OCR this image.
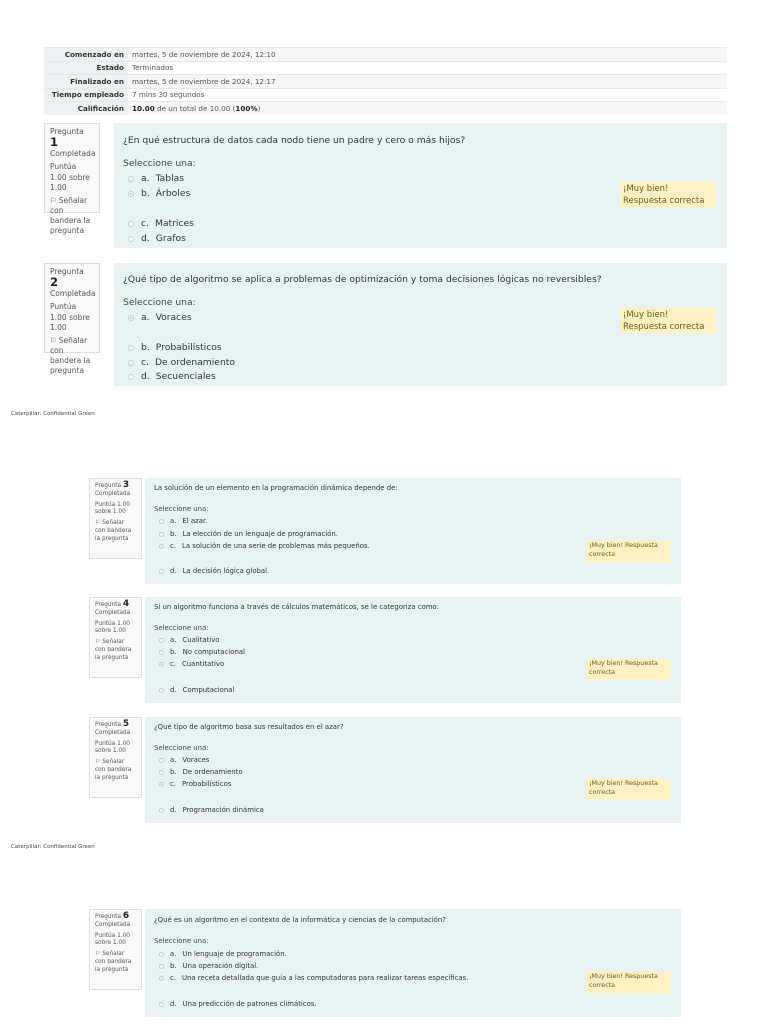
Comenzado en	martes, 5 de noviembre de 2024, 12:10
Estado	Terminados
Finalizado en	martes, 5 de noviembre de 2024, 12:17
Tiempo empleado	7 mins 30 segundos
Calificación	10.00 de un total de 10.00 (100%)
Pregunta 1
Completada
Puntúa 1.00 sobre 1.00
⚐ Señalar con bandera la pregunta
¿En qué estructura de datos cada nodo tiene un padre y cero o más hijos?
Seleccione una:
a. Tablas
b. Árboles
c. Matrices
d. Grafos
¡Muy bien! Respuesta correcta
Pregunta 2
Completada
Puntúa 1.00 sobre 1.00
⚐ Señalar con bandera la pregunta
¿Qué tipo de algoritmo se aplica a problemas de optimización y toma decisiones lógicas no reversibles?
Seleccione una:
a. Voraces
b. Probabilísticos
c. De ordenamiento
d. Secuenciales
¡Muy bien! Respuesta correcta
Pregunta 3
Completada
Puntúa 1.00 sobre 1.00
⚐ Señalar con bandera la pregunta
La solución de un elemento en la programación dinámica depende de:
Seleccione una:
a. El azar.
b. La elección de un lenguaje de programación.
c. La solución de una serie de problemas más pequeños.
d. La decisión lógica global.
¡Muy bien! Respuesta correcta
Pregunta 4
Completada
Puntúa 1.00 sobre 1.00
⚐ Señalar con bandera la pregunta
Si un algoritmo funciona a través de cálculos matemáticos, se le categoriza como:
Seleccione una:
a. Cualitativo
b. No computacional
c. Cuantitativo
d. Computacional
¡Muy bien! Respuesta correcta
Pregunta 5
Completada
Puntúa 1.00 sobre 1.00
⚐ Señalar con bandera la pregunta
¿Qué tipo de algoritmo basa sus resultados en el azar?
Seleccione una:
a. Voraces
b. De ordenamiento
c. Probabilísticos
d. Programación dinámica
¡Muy bien! Respuesta correcta
Pregunta 6
Completada
Puntúa 1.00 sobre 1.00
⚐ Señalar con bandera la pregunta
¿Qué es un algoritmo en el contexto de la informática y ciencias de la computación?
Seleccione una:
a. Un lenguaje de programación.
b. Una operación digital.
c. Una receta detallada que guía a las computadoras para realizar tareas específicas.
d. Una predicción de patrones climáticos.
¡Muy bien! Respuesta correcta
Caterpillar: Confidential Green
Caterpillar: Confidential Green
